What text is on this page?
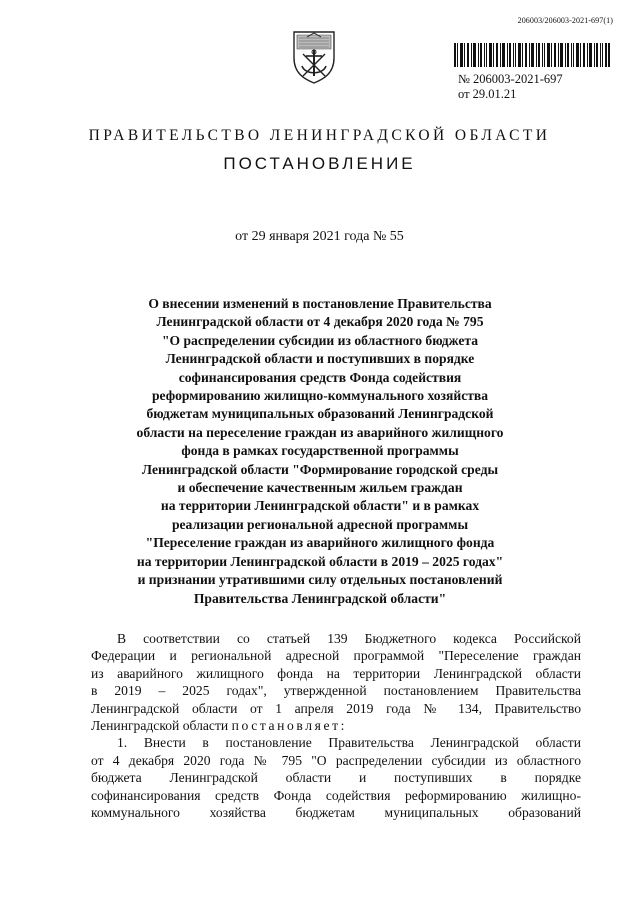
206003/206003-2021-697(1)
№ 206003-2021-697
от 29.01.21
ПРАВИТЕЛЬСТВО ЛЕНИНГРАДСКОЙ ОБЛАСТИ
ПОСТАНОВЛЕНИЕ
от 29 января 2021 года № 55
О внесении изменений в постановление Правительства
Ленинградской области от 4 декабря 2020 года № 795
"О распределении субсидии из областного бюджета
Ленинградской области и поступивших в порядке
софинансирования средств Фонда содействия
реформированию жилищно-коммунального хозяйства
бюджетам муниципальных образований Ленинградской
области на переселение граждан из аварийного жилищного
фонда в рамках государственной программы
Ленинградской области "Формирование городской среды
и обеспечение качественным жильем граждан
на территории Ленинградской области" и в рамках
реализации региональной адресной программы
"Переселение граждан из аварийного жилищного фонда
на территории Ленинградской области в 2019 – 2025 годах"
и признании утратившими силу отдельных постановлений
Правительства Ленинградской области"
В соответствии со статьей 139 Бюджетного кодекса Российской
Федерации и региональной адресной программой "Переселение граждан
из аварийного жилищного фонда на территории Ленинградской области
в 2019 – 2025 годах", утвержденной постановлением Правительства
Ленинградской области от 1 апреля 2019 года № 134, Правительство
Ленинградской области постановляет:
1. Внести в постановление Правительства Ленинградской области
от 4 декабря 2020 года № 795 "О распределении субсидии из областного
бюджета Ленинградской области и поступивших в порядке
софинансирования средств Фонда содействия реформированию жилищно-
коммунального хозяйства бюджетам муниципальных образований
